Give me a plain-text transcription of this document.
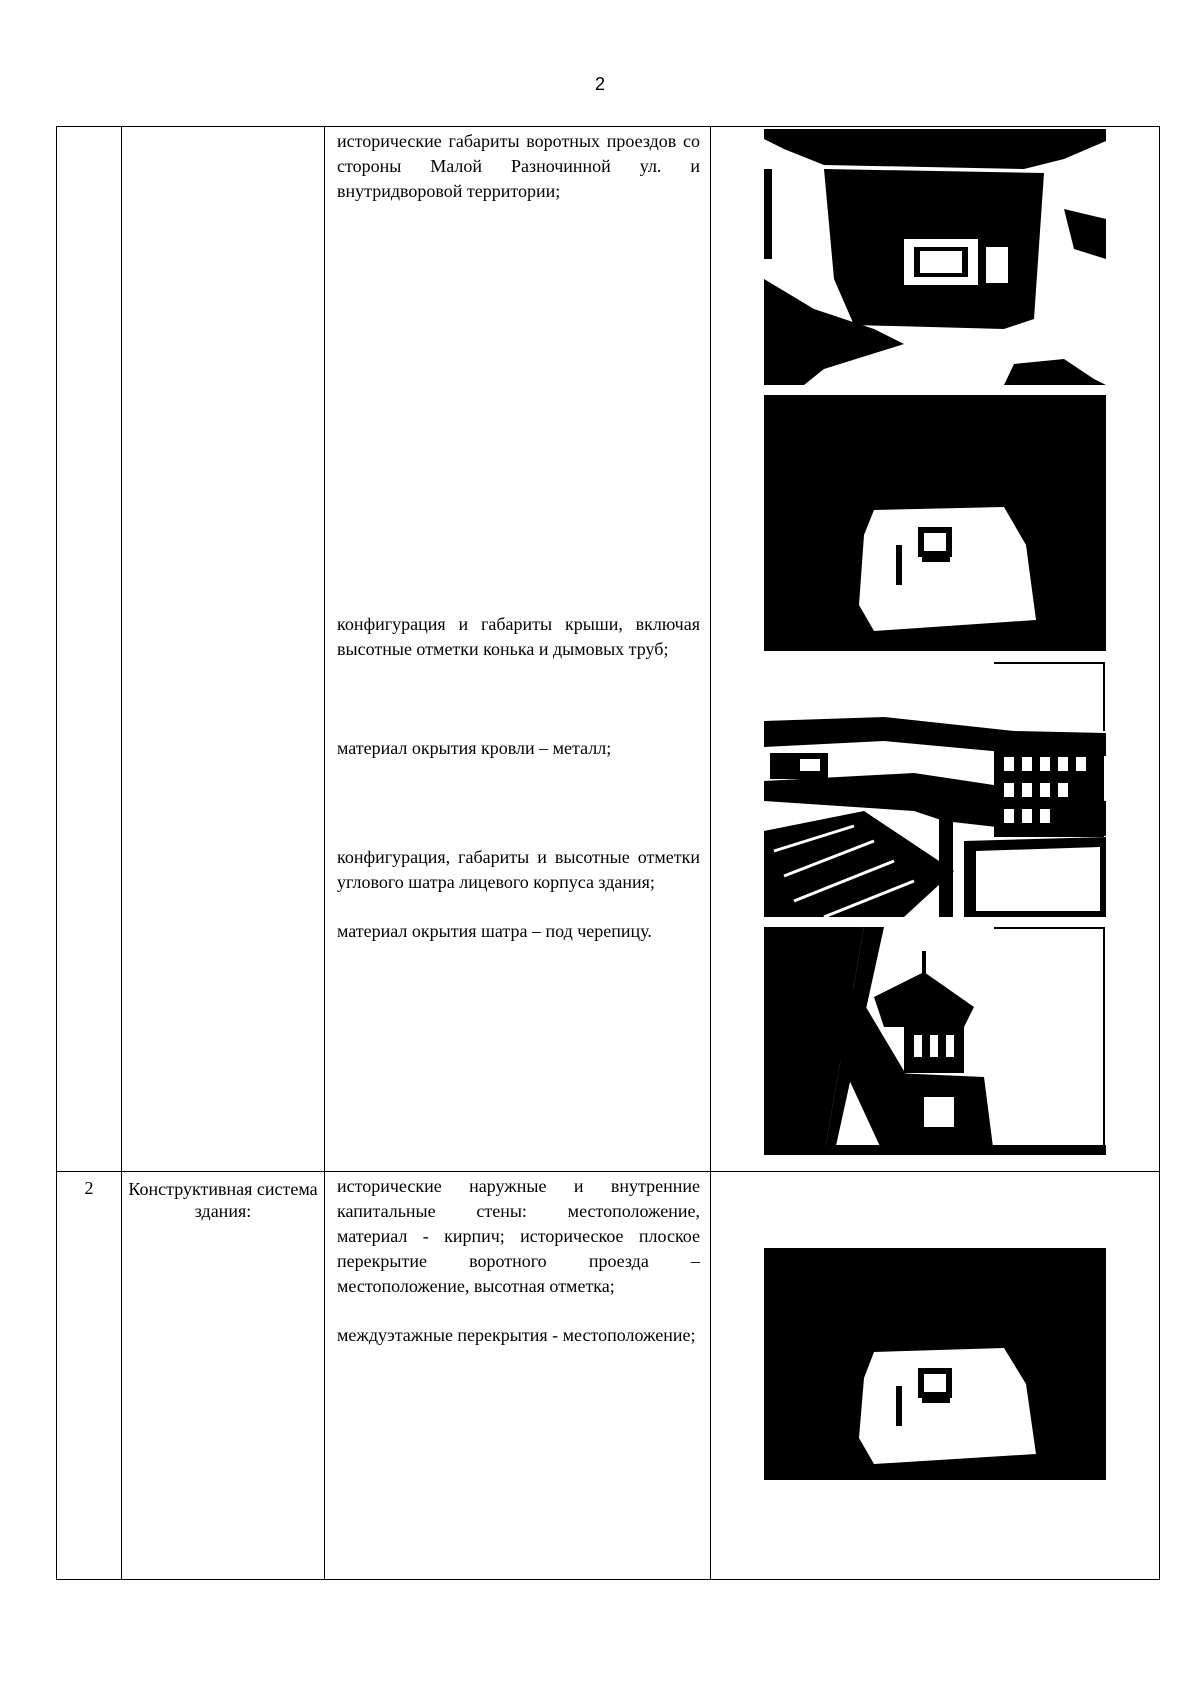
2

		исторические габариты воротных проездов со стороны Малой Разночинной ул. и внутридворовой территории;

конфигурация и габариты крыши, включая высотные отметки конька и дымовых труб;

материал окрытия кровли – металл;

конфигурация, габариты и высотные отметки углового шатра лицевого корпуса здания;

материал окрытия шатра – под черепицу.

2	Конструктивная система здания:	исторические наружные и внутренние капитальные стены: местоположение, материал - кирпич; историческое плоское перекрытие воротного проезда – местоположение, высотная отметка;

междуэтажные перекрытия - местоположение;
